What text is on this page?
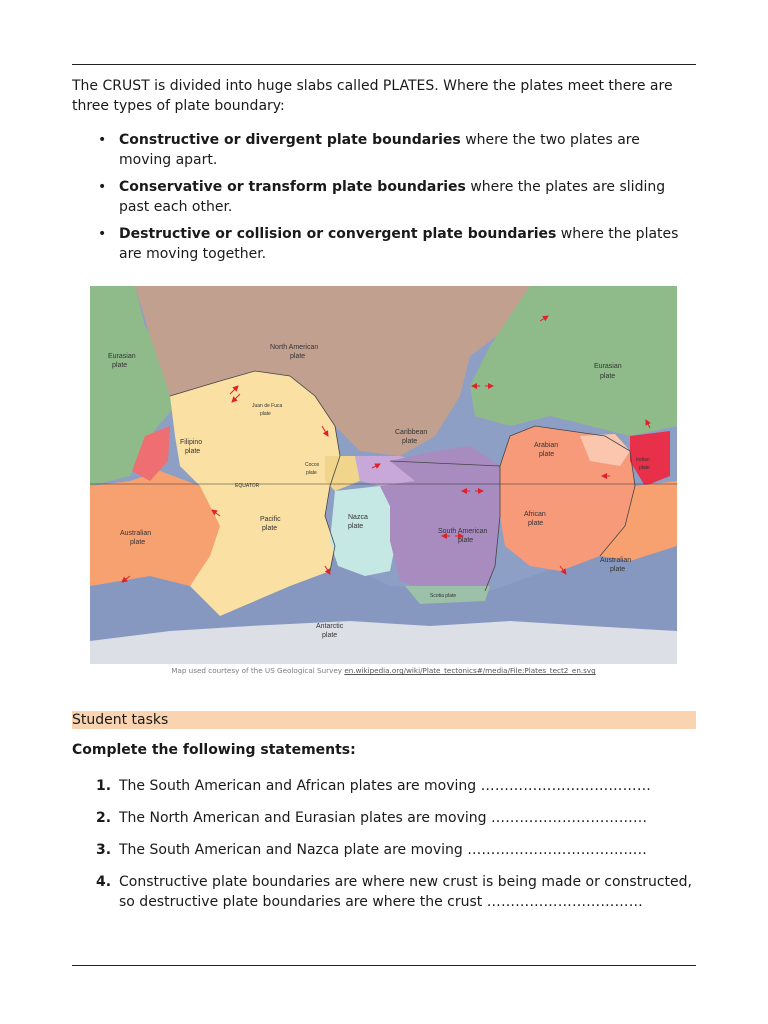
The CRUST is divided into huge slabs called PLATES. Where the plates meet there are three types of plate boundary:

• Constructive or divergent plate boundaries where the two plates are moving apart.
• Conservative or transform plate boundaries where the plates are sliding past each other.
• Destructive or collision or convergent plate boundaries where the plates are moving together.
Eurasian
plate
North American
plate
Eurasian
plate
Juan de Fuca
plate
Filipino
plate
Caribbean
plate
Arabian
plate
Indian
plate
Cocos
plate
EQUATOR
Pacific
plate
Nazca
plate
South American
plate
African
plate
Australian
plate
Australian
plate
Scotia plate
Antarctic
plate
Map used courtesy of the US Geological Survey en.wikipedia.org/wiki/Plate_tectonics#/media/File:Plates_tect2_en.svg
Student tasks

Complete the following statements:

1. The South American and African plates are moving ………………………………
2. The North American and Eurasian plates are moving ……………………………
3. The South American and Nazca plate are moving ………………………………..
4. Constructive plate boundaries are where new crust is being made or constructed, so destructive plate boundaries are where the crust ……………………………
